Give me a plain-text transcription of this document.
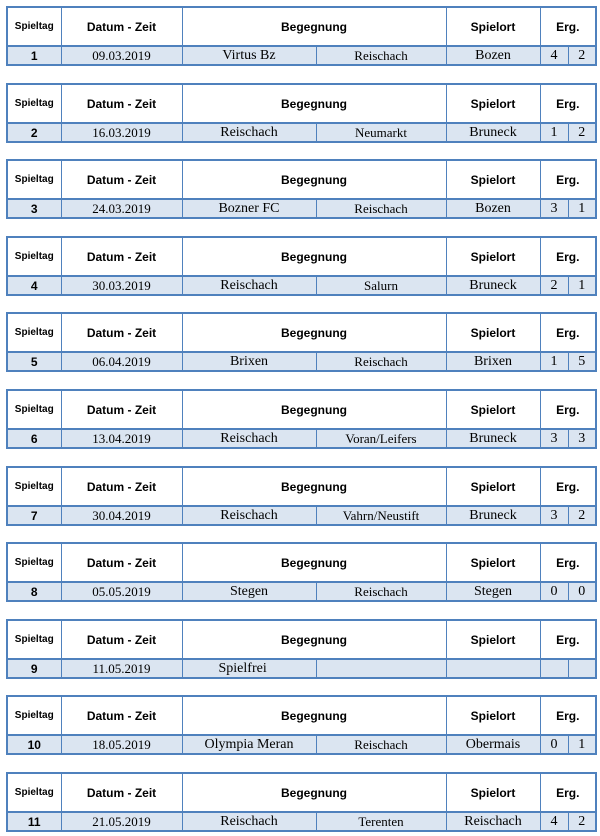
Spieltag	Datum - Zeit	Begegnung		Spielort	Erg.	
1	09.03.2019	Virtus Bz	Reischach	Bozen	4	2
Spieltag	Datum - Zeit	Begegnung		Spielort	Erg.	
2	16.03.2019	Reischach	Neumarkt	Bruneck	1	2
Spieltag	Datum - Zeit	Begegnung		Spielort	Erg.	
3	24.03.2019	Bozner FC	Reischach	Bozen	3	1
Spieltag	Datum - Zeit	Begegnung		Spielort	Erg.	
4	30.03.2019	Reischach	Salurn	Bruneck	2	1
Spieltag	Datum - Zeit	Begegnung		Spielort	Erg.	
5	06.04.2019	Brixen	Reischach	Brixen	1	5
Spieltag	Datum - Zeit	Begegnung		Spielort	Erg.	
6	13.04.2019	Reischach	Voran/Leifers	Bruneck	3	3
Spieltag	Datum - Zeit	Begegnung		Spielort	Erg.	
7	30.04.2019	Reischach	Vahrn/Neustift	Bruneck	3	2
Spieltag	Datum - Zeit	Begegnung		Spielort	Erg.	
8	05.05.2019	Stegen	Reischach	Stegen	0	0
Spieltag	Datum - Zeit	Begegnung		Spielort	Erg.	
9	11.05.2019	Spielfrei				
Spieltag	Datum - Zeit	Begegnung		Spielort	Erg.	
10	18.05.2019	Olympia Meran	Reischach	Obermais	0	1
Spieltag	Datum - Zeit	Begegnung		Spielort	Erg.	
11	21.05.2019	Reischach	Terenten	Reischach	4	2
